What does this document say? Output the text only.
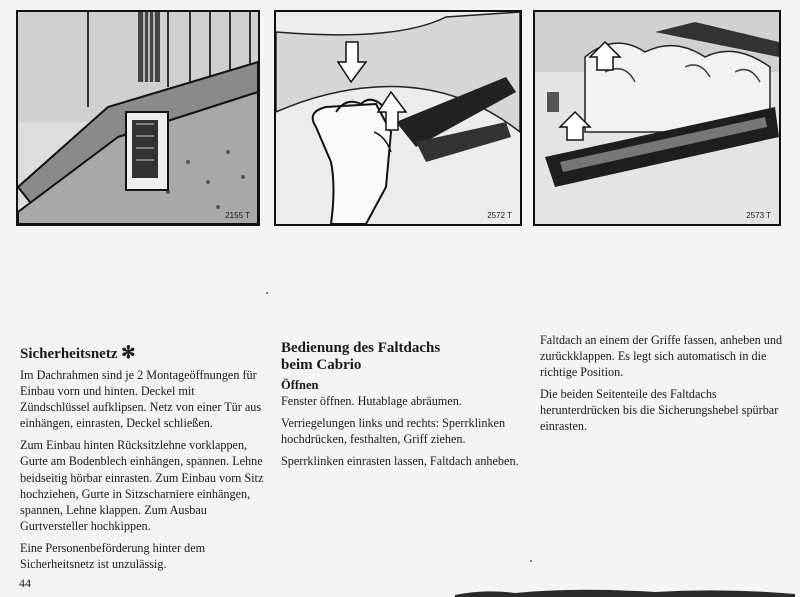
2155 T	2572 T	2573 T
Sicherheitsnetz ✻

Im Dachrahmen sind je 2 Montageöffnungen für Einbau vorn und hinten. Deckel mit Zündschlüssel aufklipsen. Netz von einer Tür aus einhängen, einrasten, Deckel schließen.

Zum Einbau hinten Rücksitzlehne vorklappen, Gurte am Bodenblech einhängen, spannen. Lehne beidseitig hörbar einrasten. Zum Einbau vorn Sitz hochziehen, Gurte in Sitzscharniere einhängen, spannen, Lehne klappen. Zum Ausbau Gurtversteller hochkippen.

Eine Personenbeförderung hinter dem Sicherheitsnetz ist unzulässig.

Bedienung des Faltdachs
beim Cabrio
Öffnen

Fenster öffnen. Hutablage abräumen.

Verriegelungen links und rechts: Sperrklinken hochdrücken, festhalten, Griff ziehen.

Sperrklinken einrasten lassen, Faltdach anheben.

Faltdach an einem der Griffe fassen, anheben und zurückklappen. Es legt sich automatisch in die richtige Position.

Die beiden Seitenteile des Faltdachs herunterdrücken bis die Sicherungshebel spürbar einrasten.

44
